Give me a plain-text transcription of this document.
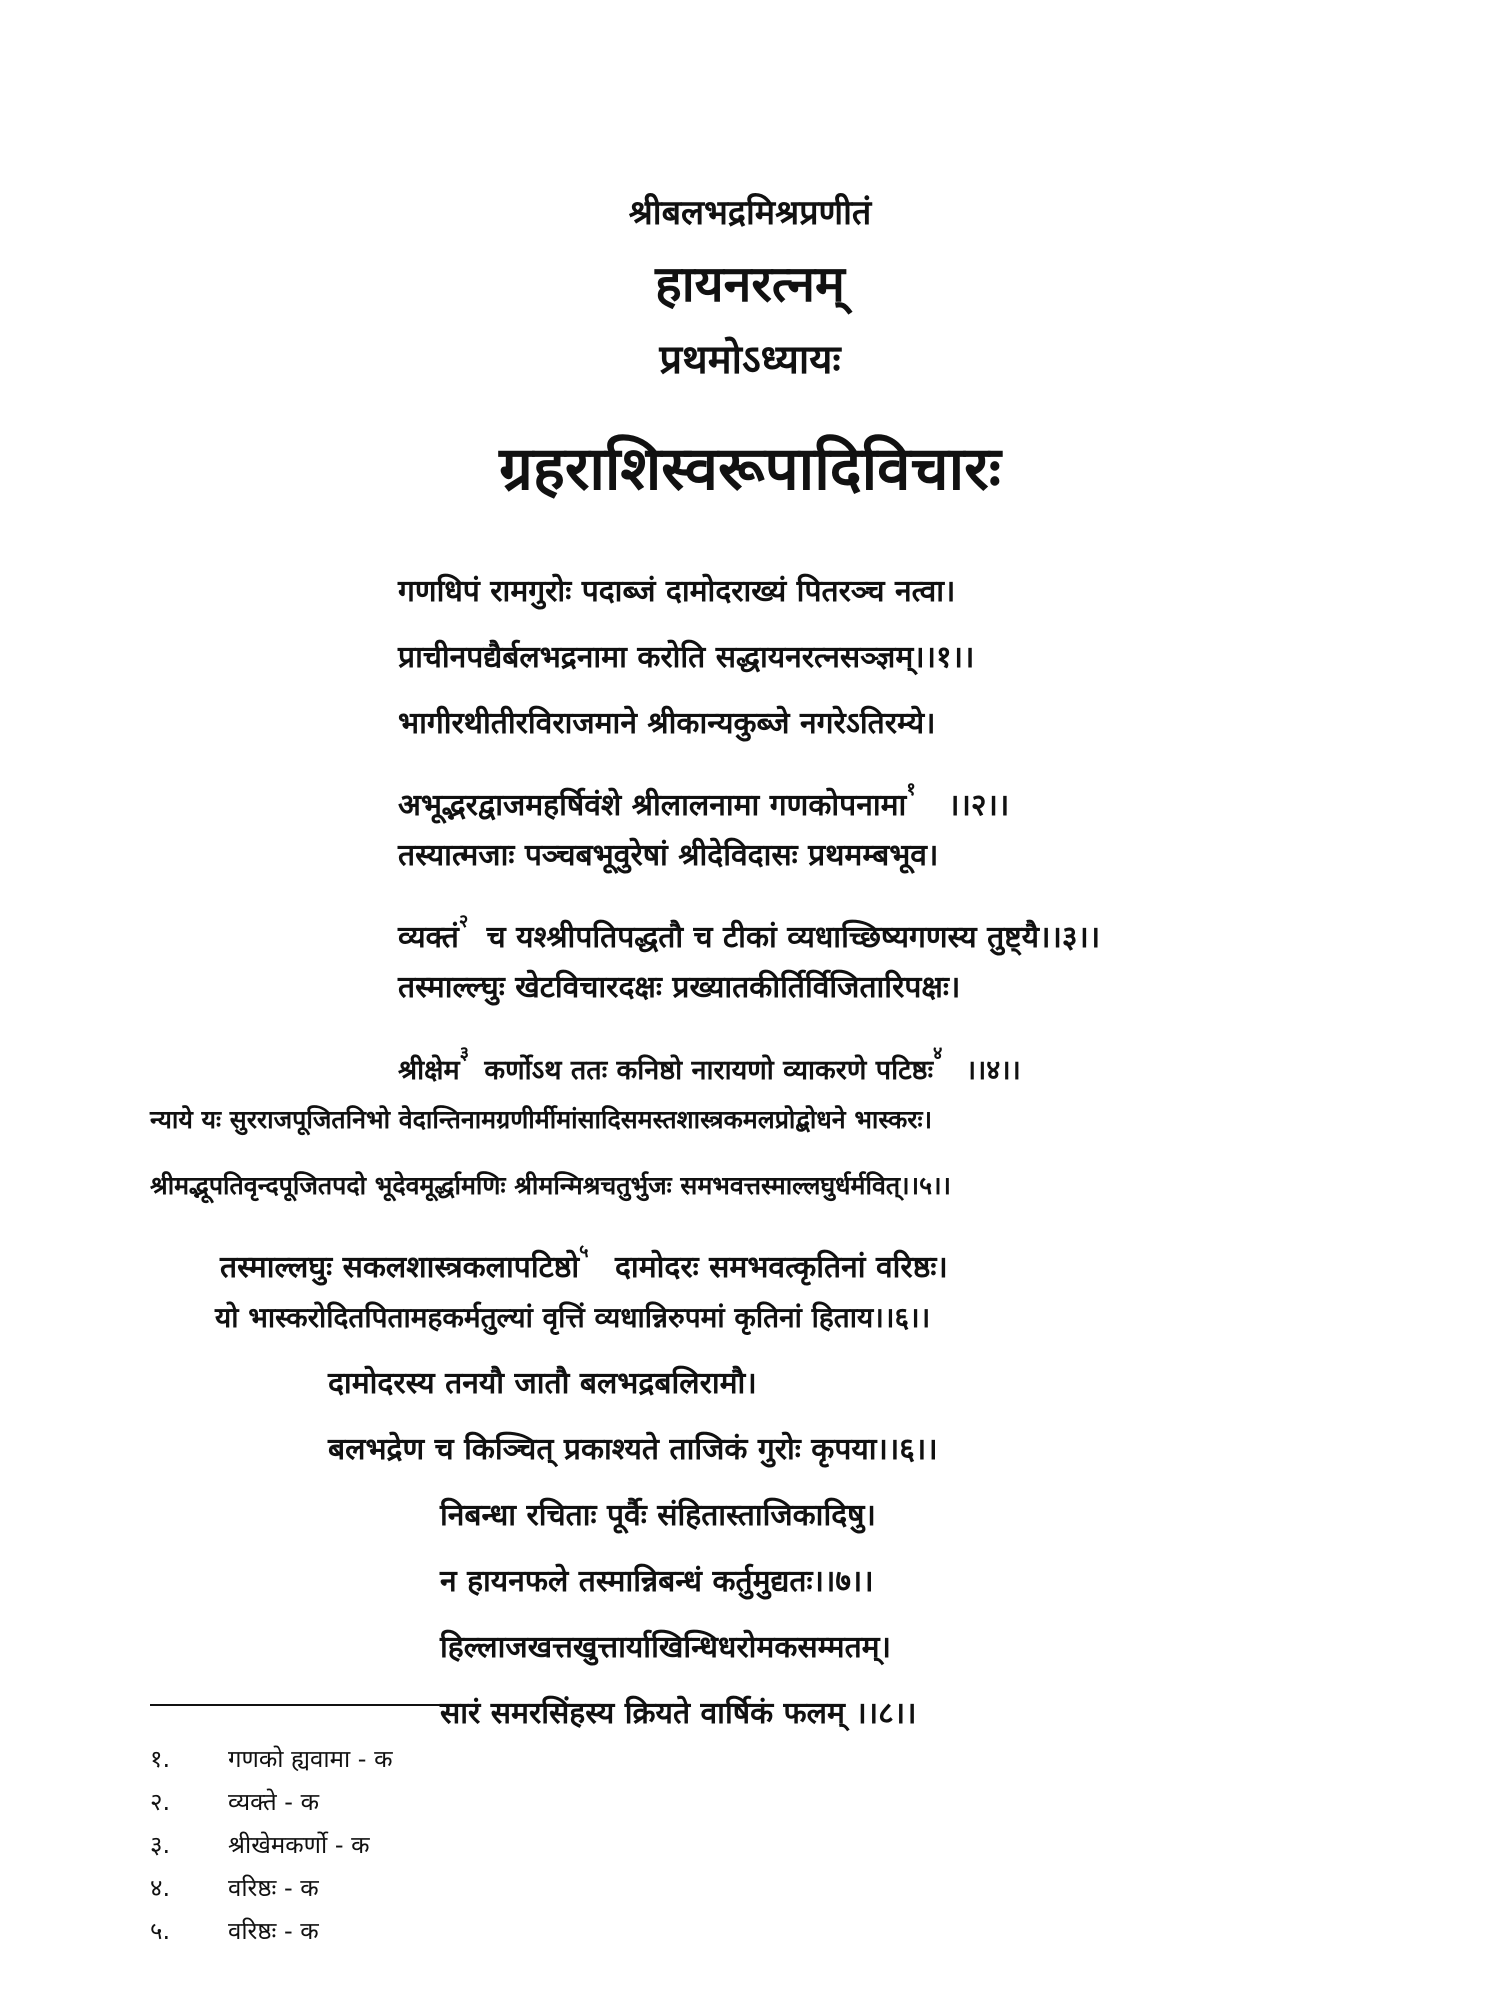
श्रीबलभद्रमिश्रप्रणीतं
हायनरत्नम्
प्रथमोऽध्यायः
ग्रहराशिस्वरूपादिविचारः
गणधिपं रामगुरोः पदाब्जं दामोदराख्यं पितरञ्च नत्वा।
प्राचीनपद्यैर्बलभद्रनामा करोति सद्धायनरत्नसञ्ज्ञम्।।१।।
भागीरथीतीरविराजमाने श्रीकान्यकुब्जे नगरेऽतिरम्ये।
अभूद्भरद्वाजमहर्षिवंशे श्रीलालनामा गणकोपनामा$^१$ ।।२।।
तस्यात्मजाः पञ्चबभूवुरेषां श्रीदेविदासः प्रथमम्बभूव।
व्यक्तं$^२$ च यश्श्रीपतिपद्धतौ च टीकां व्यधाच्छिष्यगणस्य तुष्ट्यै।।३।।
तस्माल्ल्घुः खेटविचारदक्षः प्रख्यातकीर्तिर्विजितारिपक्षः।
श्रीक्षेम$^३$ कर्णोऽथ ततः कनिष्ठो नारायणो व्याकरणे पटिष्ठः$^४$ ।।४।।
न्याये यः सुरराजपूजितनिभो वेदान्तिनामग्रणीर्मीमांसादिसमस्तशास्त्रकमलप्रोद्बोधने भास्करः।
श्रीमद्भूपतिवृन्दपूजितपदो भूदेवमूर्द्धामणिः श्रीमन्मिश्रचतुर्भुजः समभवत्तस्माल्लघुर्धर्मवित्।।५।।
तस्माल्लघुः सकलशास्त्रकलापटिष्ठो$^५$ दामोदरः समभवत्कृतिनां वरिष्ठः।
यो भास्करोदितपितामहकर्मतुल्यां वृत्तिं व्यधान्निरुपमां कृतिनां हिताय।।६।।
दामोदरस्य तनयौ जातौ बलभद्रबलिरामौ।
बलभद्रेण च किञ्चित् प्रकाश्यते ताजिकं गुरोः कृपया।।६।।
निबन्धा रचिताः पूर्वैः संहितास्ताजिकादिषु।
न हायनफले तस्मान्निबन्धं कर्तुमुद्यतः।।७।।
हिल्लाजखत्तखुत्तार्याखिन्धिधरोमकसम्मतम्।
सारं समरसिंहस्य क्रियते वार्षिकं फलम् ।।८।।
१. गणको ह्यवामा - क
२. व्यक्ते - क
३. श्रीखेमकर्णो - क
४. वरिष्ठः - क
५. वरिष्ठः - क
